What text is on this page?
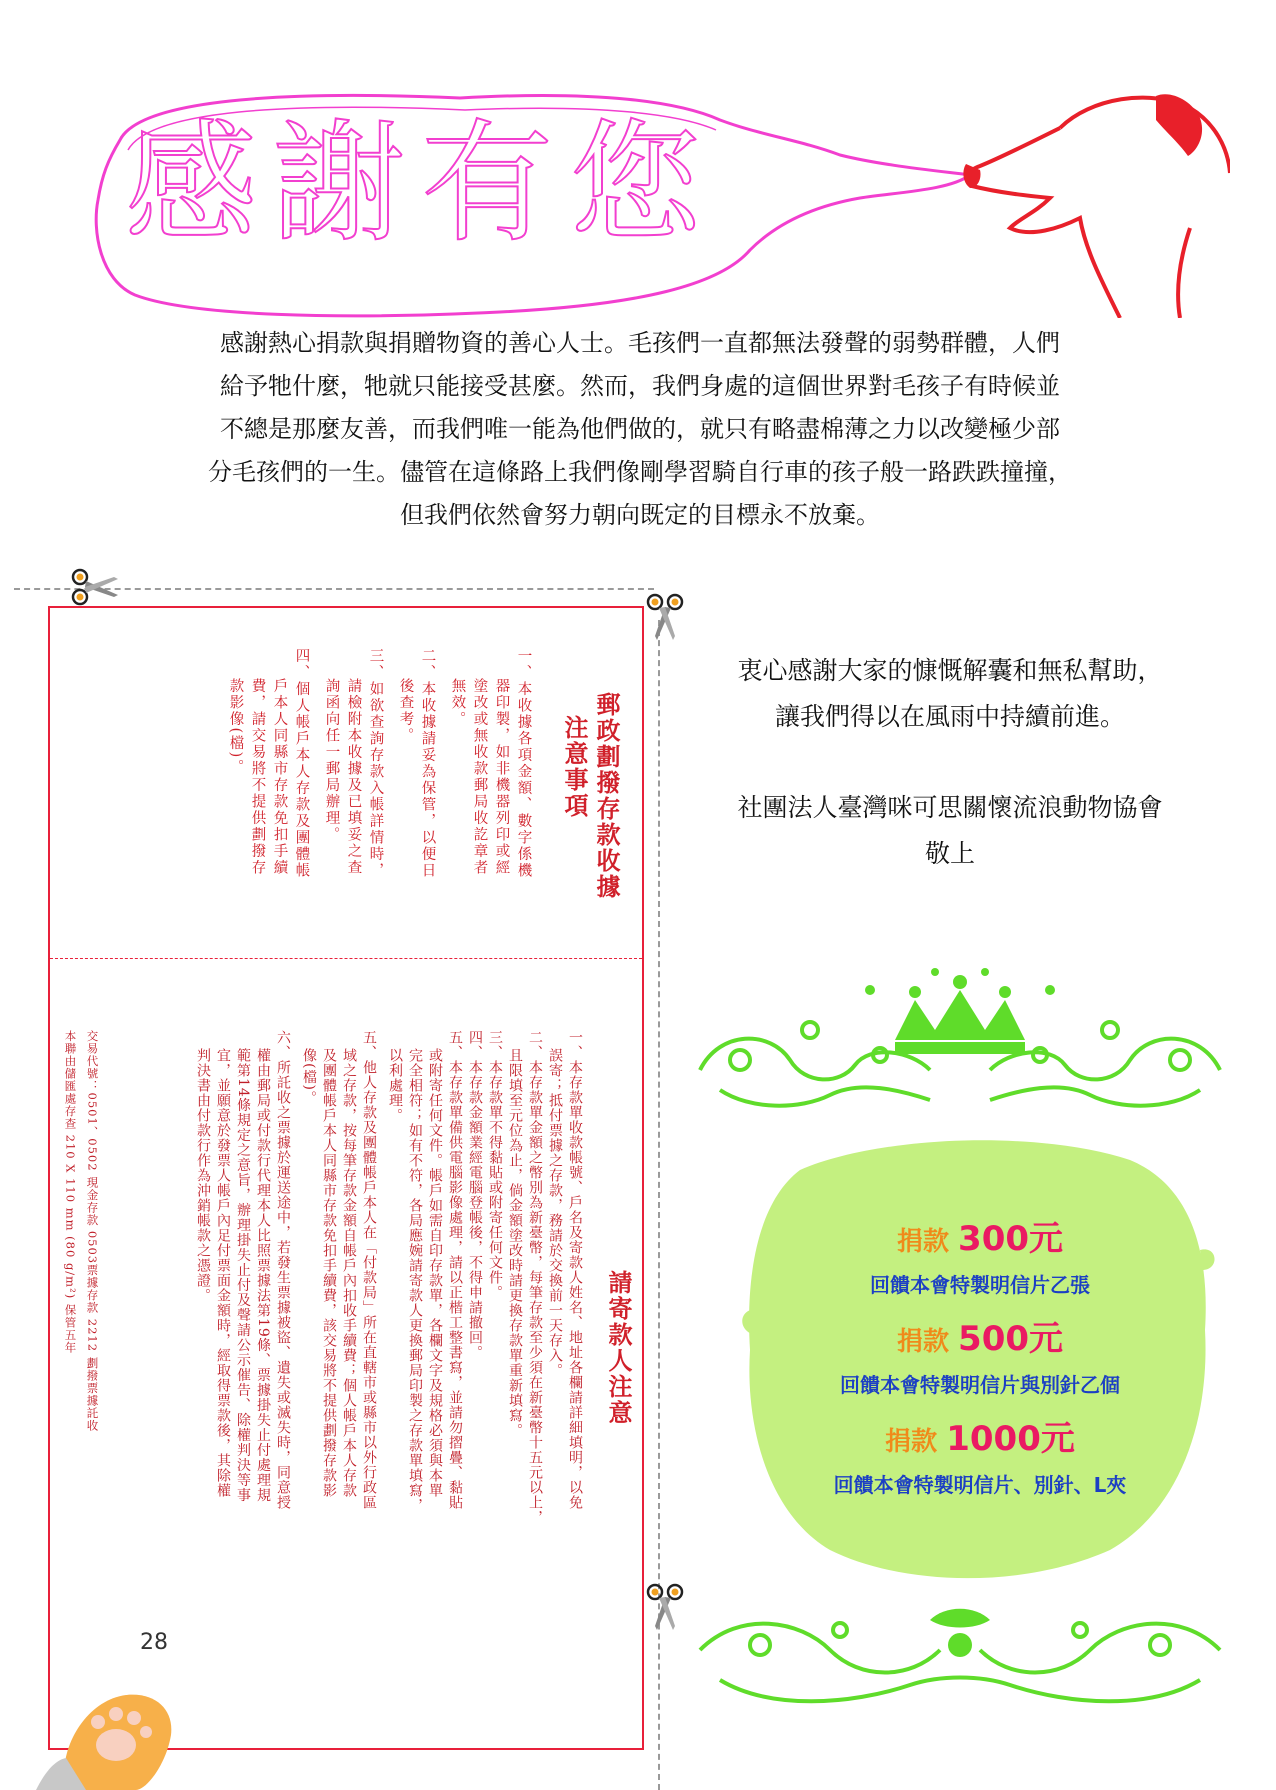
感謝有您

感謝熱心捐款與捐贈物資的善心人士。毛孩們一直都無法發聲的弱勢群體，人們

給予牠什麼，牠就只能接受甚麼。然而，我們身處的這個世界對毛孩子有時候並

不總是那麼友善，而我們唯一能為他們做的，就只有略盡棉薄之力以改變極少部

分毛孩們的一生。儘管在這條路上我們像剛學習騎自行車的孩子般一路跌跌撞撞，

但我們依然會努力朝向既定的目標永不放棄。

郵政劃撥存款收據
注意事項
一、本收據各項金額、數字係機
器印製，如非機器列印或經
塗改或無收款郵局收訖章者
無效。
二、本收據請妥為保管，以便日
後查考。
三、如欲查詢存款入帳詳情時，
請檢附本收據及已填妥之查
詢函向任一郵局辦理。
四、個人帳戶本人存款及團體帳
戶本人同縣市存款免扣手續
費，請交易將不提供劃撥存
款影像(檔)。
請寄款人注意
一、本存款單收款帳號、戶名及寄款人姓名、地址各欄請詳細填明，以免
誤寄；抵付票據之存款，務請於交換前一天存入。
二、本存款單金額之幣別為新臺幣，每筆存款至少須在新臺幣十五元以上，
且限填至元位為止，倘金額塗改時請更換存款單重新填寫。
三、本存款單不得黏貼或附寄任何文件。
四、本存款金額業經電腦登帳後，不得申請撤回。
五、本存款單備供電腦影像處理，請以正楷工整書寫，並請勿摺疊、黏貼
或附寄任何文件。帳戶如需自印存款單，各欄文字及規格必須與本單
完全相符；如有不符，各局應婉請寄款人更換郵局印製之存款單填寫，
以利處理。
五、他人存款及團體帳戶本人在「付款局」所在直轄市或縣市以外行政區
域之存款，按每筆存款金額自帳戶內扣收手續費；個人帳戶本人存款
及團體帳戶本人同縣市存款免扣手續費，該交易將不提供劃撥存款影
像(檔)。
六、所託收之票據於運送途中，若發生票據被盜、遺失或滅失時，同意授
權由郵局或付款行代理本人比照票據法第19條、票據掛失止付處理規
範第14條規定之意旨，辦理掛失止付及聲請公示催告、除權判決等事
宜，並願意於發票人帳戶內足付票面金額時，經取得票款後，其除權
判決書由付款行作為沖銷帳款之憑證。
交易代號：0501、0502 現金存款 0503票據存款 2212 劃撥票據託收
本聯由儲匯處存查 210 X 110 mm (80 g/m²) 保管五年
28

衷心感謝大家的慷慨解囊和無私幫助，

讓我們得以在風雨中持續前進。

社團法人臺灣咪可思關懷流浪動物協會

敬上

捐款 300元

回饋本會特製明信片乙張

捐款 500元

回饋本會特製明信片與別針乙個

捐款 1000元

回饋本會特製明信片、別針、L夾
